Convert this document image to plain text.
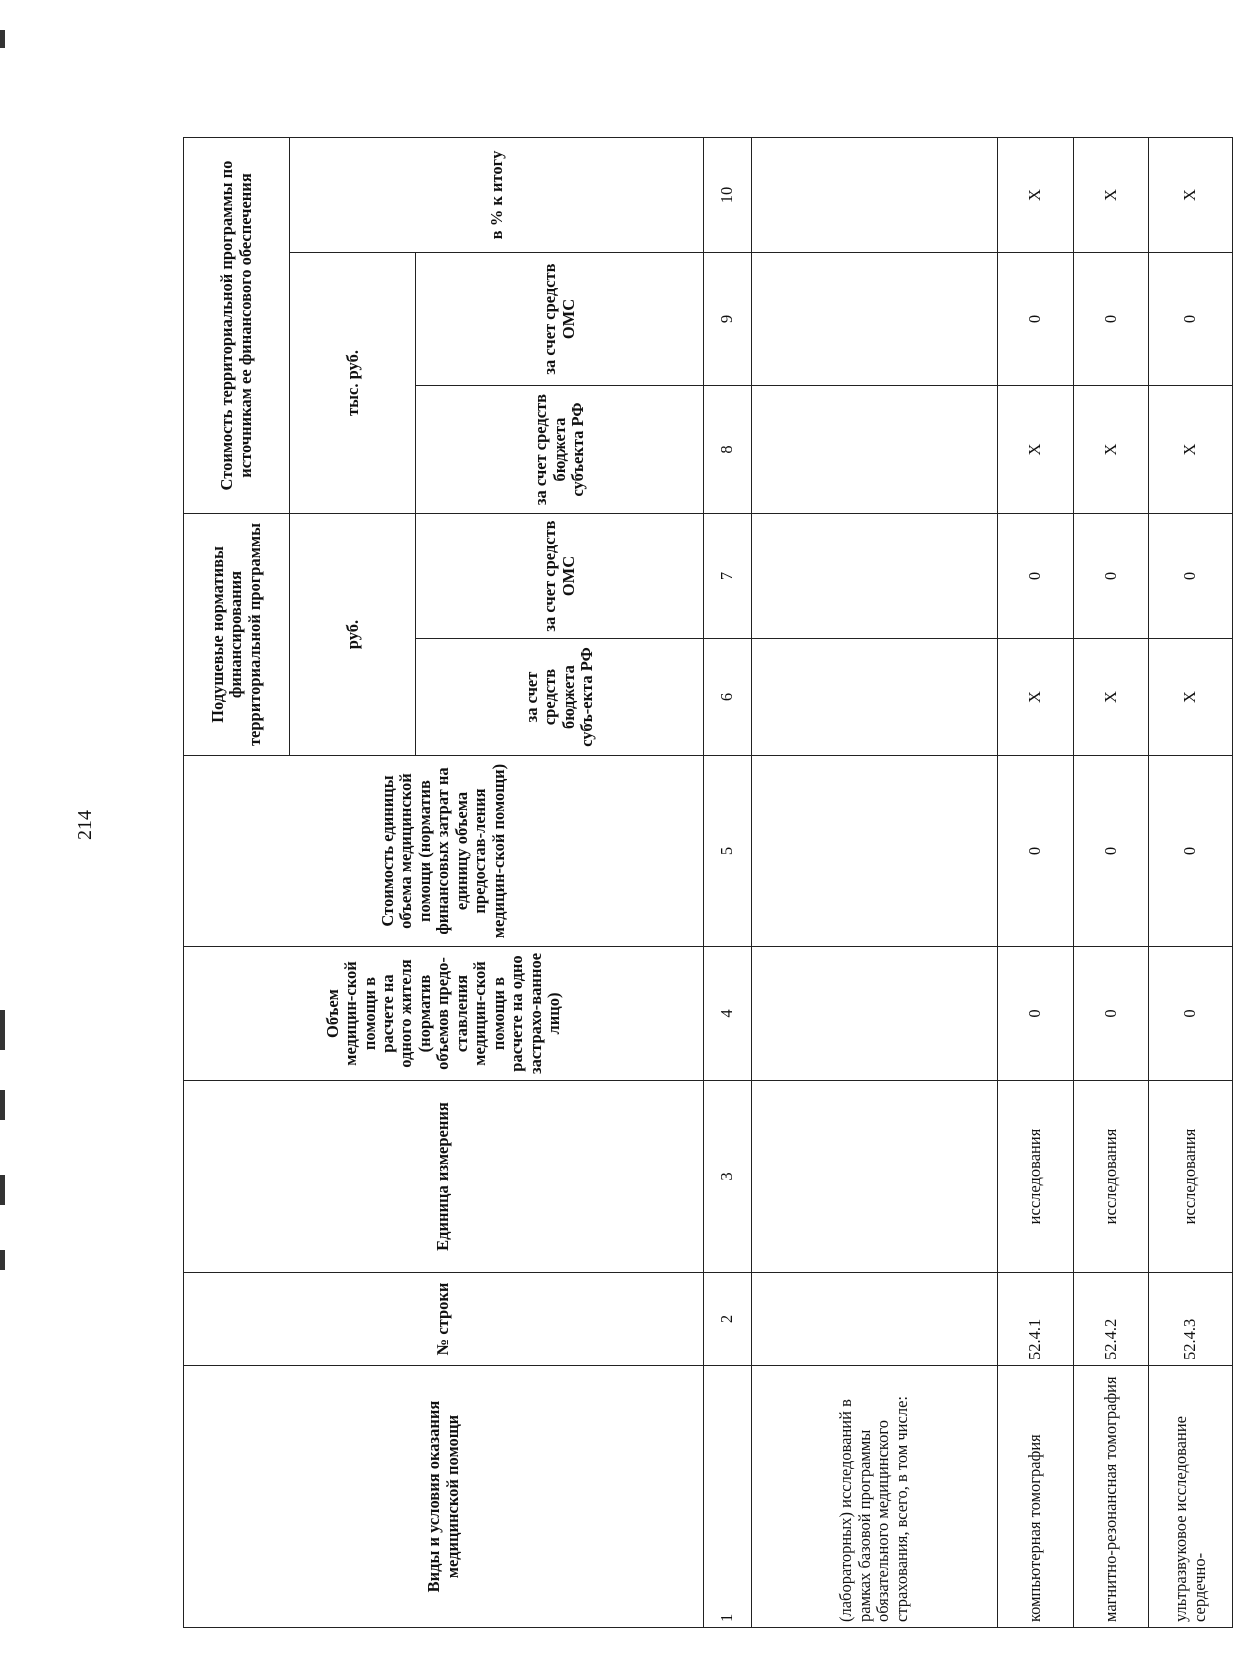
214
Виды и условия оказания медицинской помощи	№ строки	Единица измерения	Объем медицин-ской помощи в расчете на одного жителя (норматив объемов предо-ставления медицин-ской помощи в расчете на одно застрахо-ванное лицо)	Стоимость единицы объема медицинской помощи (норматив финансовых затрат на единицу объема предостав-ления медицин-ской помощи)	Подушевые нормативы финансирования территориальной программы		Стоимость территориальной программы по источникам ее финансового обеспечения		
					руб.		тыс. руб.		в % к итогу
					за счет средств бюджета субъ-екта РФ	за счет средств ОМС	за счет средств бюджета субъекта РФ	за счет средств ОМС	
1	2	3	4	5	6	7	8	9	10
(лабораторных) исследований в рамках базовой программы обязательного медицинского страхования, всего, в том числе:									
компьютерная томография	52.4.1	исследования	0	0	X	0	X	0	X
магнитно-резонансная томография	52.4.2	исследования	0	0	X	0	X	0	X
ультразвуковое исследование сердечно-	52.4.3	исследования	0	0	X	0	X	0	X
